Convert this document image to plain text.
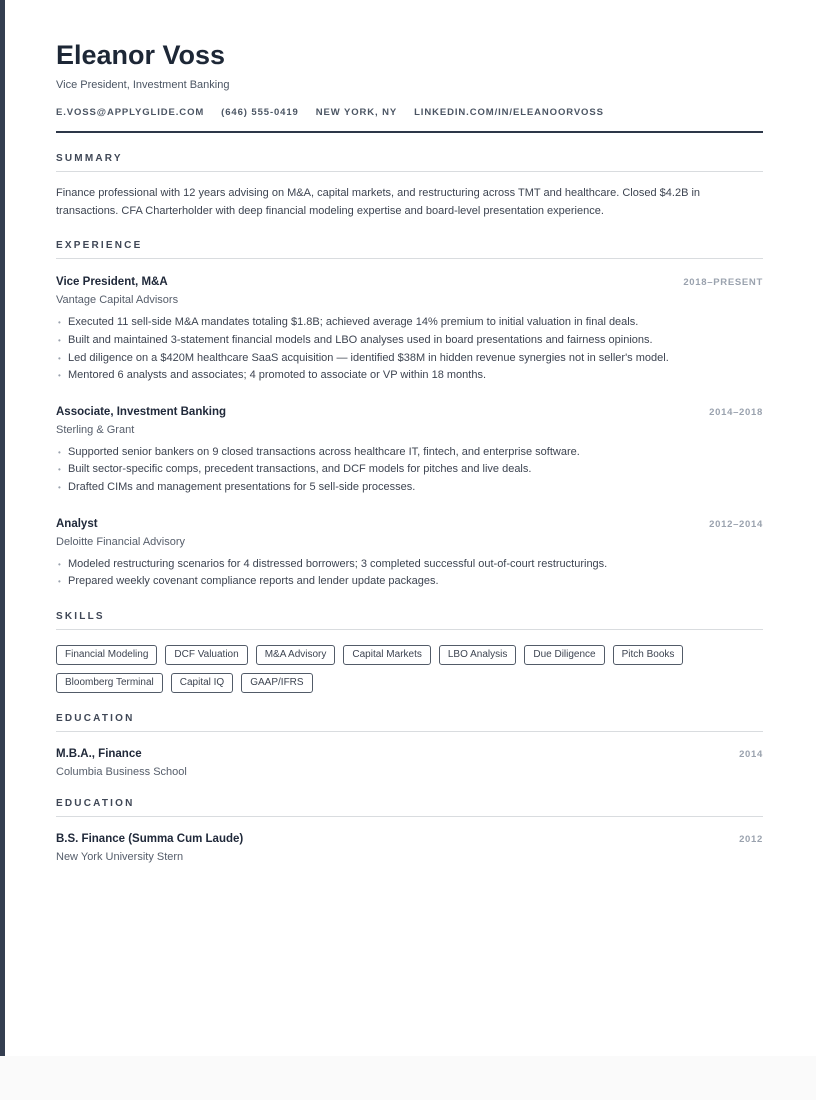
Eleanor Voss
Vice President, Investment Banking
E.VOSS@APPLYGLIDE.COM (646) 555-0419 NEW YORK, NY LINKEDIN.COM/IN/ELEANOORVOSS
SUMMARY

Finance professional with 12 years advising on M&A, capital markets, and restructuring across TMT and healthcare. Closed $4.2B in transactions. CFA Charterholder with deep financial modeling expertise and board-level presentation experience.

EXPERIENCE
Vice President, M&A	2018–PRESENT
Vantage Capital Advisors
• Executed 11 sell-side M&A mandates totaling $1.8B; achieved average 14% premium to initial valuation in final deals.
• Built and maintained 3-statement financial models and LBO analyses used in board presentations and fairness opinions.
• Led diligence on a $420M healthcare SaaS acquisition — identified $38M in hidden revenue synergies not in seller's model.
• Mentored 6 analysts and associates; 4 promoted to associate or VP within 18 months.
Associate, Investment Banking	2014–2018
Sterling & Grant
• Supported senior bankers on 9 closed transactions across healthcare IT, fintech, and enterprise software.
• Built sector-specific comps, precedent transactions, and DCF models for pitches and live deals.
• Drafted CIMs and management presentations for 5 sell-side processes.
Analyst	2012–2014
Deloitte Financial Advisory
• Modeled restructuring scenarios for 4 distressed borrowers; 3 completed successful out-of-court restructurings.
• Prepared weekly covenant compliance reports and lender update packages.
SKILLS
Financial Modeling	DCF Valuation	M&A Advisory	Capital Markets	LBO Analysis	Due Diligence	Pitch Books
Bloomberg Terminal	Capital IQ	GAAP/IFRS
EDUCATION
M.B.A., Finance	2014
Columbia Business School
EDUCATION
B.S. Finance (Summa Cum Laude)	2012
New York University Stern
